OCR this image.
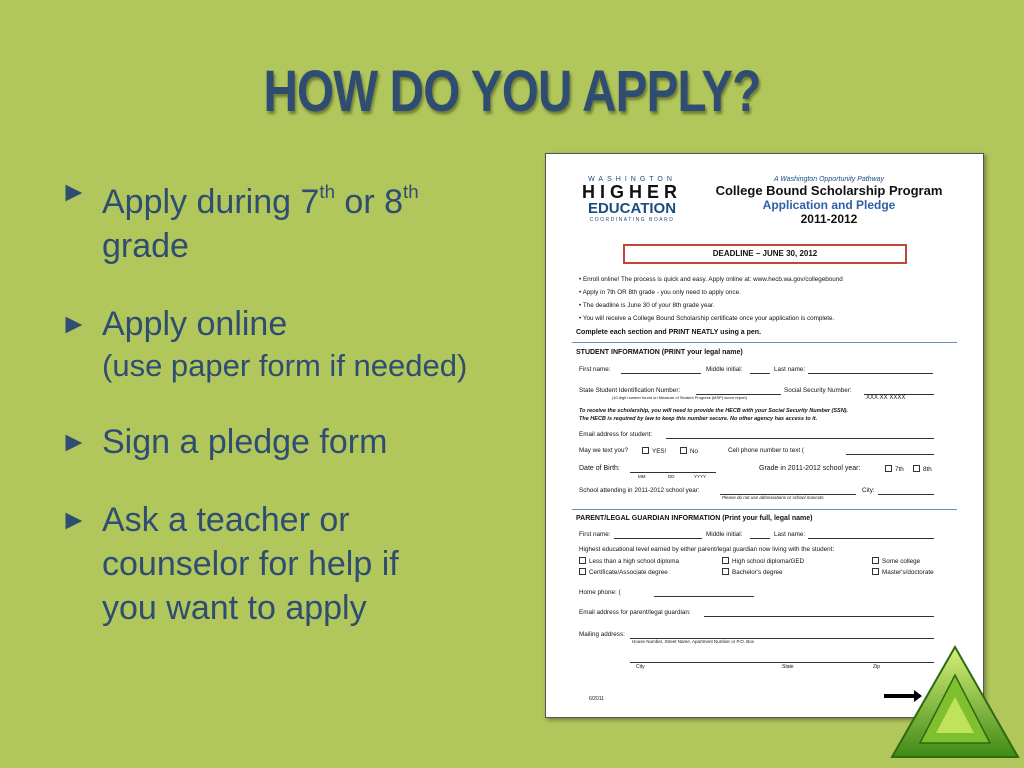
HOW DO YOU APPLY?
► Apply during 7th or 8th
grade
► Apply online
(use paper form if needed)
► Sign a pledge form
► Ask a teacher or
counselor for help if
you want to apply
WASHINGTON
HIGHER
EDUCATION
COORDINATING BOARD
A Washington Opportunity Pathway
College Bound Scholarship Program
Application and Pledge
2011-2012
DEADLINE – JUNE 30, 2012
• Enroll online! The process is quick and easy. Apply online at: www.hecb.wa.gov/collegebound
• Apply in 7th OR 8th grade - you only need to apply once.
• The deadline is June 30 of your 8th grade year.
• You will receive a College Bound Scholarship certificate once your application is complete.
Complete each section and PRINT NEATLY using a pen.
STUDENT INFORMATION (PRINT your legal name)
First name:	Middle initial:	Last name:
State Student Identification Number:
(10 digit number found on Measure of Student Progress (MSP) score report)
Social Security Number:
XXX XX XXXX
To receive the scholarship, you will need to provide the HECB with your Social Security Number (SSN).
The HECB is required by law to keep this number secure. No other agency has access to it.
Email address for student:
May we text you?	YES!	No	Cell phone number to text (
Date of Birth:
MM	DD	YYYY
Grade in 2011-2012 school year:	7th	8th
School attending in 2011-2012 school year:
Please do not use abbreviations or school mascots.
City:
PARENT/LEGAL GUARDIAN INFORMATION (Print your full, legal name)
First name:	Middle initial:	Last name:
Highest educational level earned by either parent/legal guardian now living with the student:
Less than a high school diploma	High school diploma/GED	Some college
Certificate/Associate degree	Bachelor's degree	Master's/doctorate
Home phone: (
Email address for parent/legal guardian:
Mailing address:
House Number, Street Name, Apartment Number or P.O. Box
City	State	Zip
6/2011
